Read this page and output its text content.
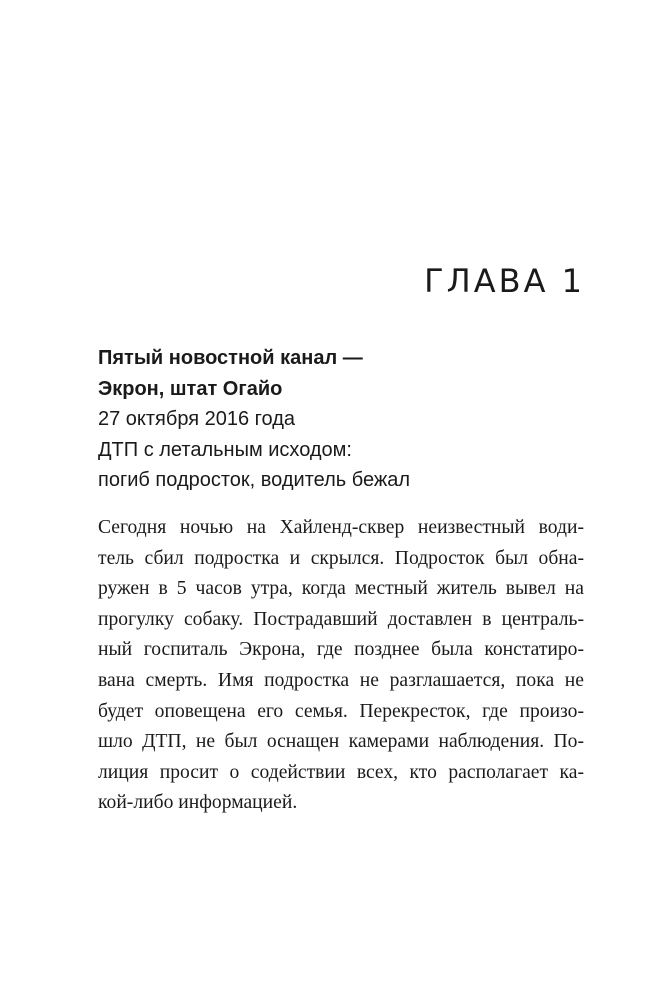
ГЛАВА 1
Пятый новостной канал —
Экрон, штат Огайо
27 октября 2016 года
ДТП с летальным исходом:
погиб подросток, водитель бежал
Сегодня ночью на Хайленд-сквер неизвестный води-
тель сбил подростка и скрылся. Подросток был обна-
ружен в 5 часов утра, когда местный житель вывел на
прогулку собаку. Пострадавший доставлен в централь-
ный госпиталь Экрона, где позднее была констатиро-
вана смерть. Имя подростка не разглашается, пока не
будет оповещена его семья. Перекресток, где произо-
шло ДТП, не был оснащен камерами наблюдения. По-
лиция просит о содействии всех, кто располагает ка-
кой-либо информацией.
